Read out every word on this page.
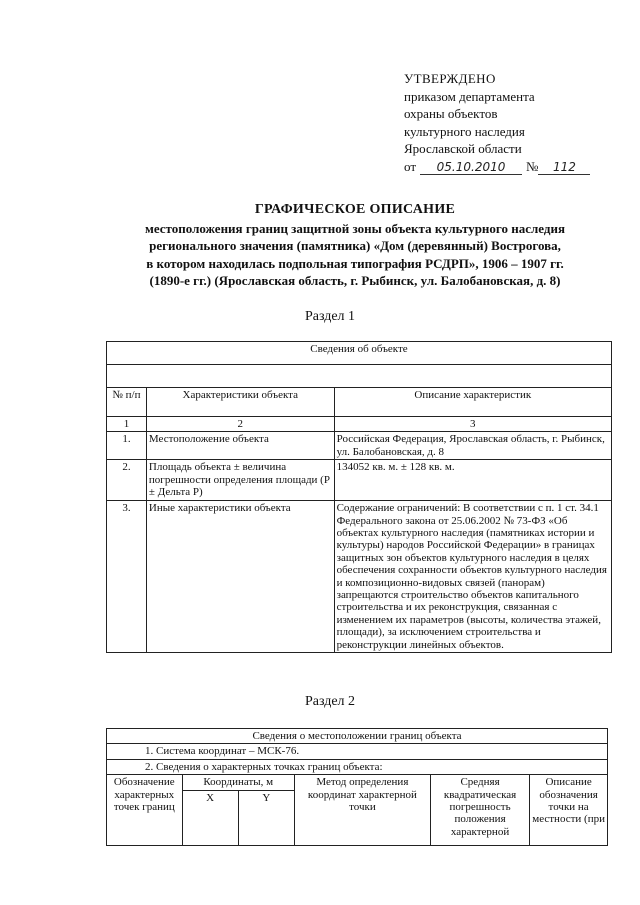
УТВЕРЖДЕНО
приказом департамента
охраны объектов
культурного наследия
Ярославской области
от 05.10.2010 № 112
ГРАФИЧЕСКОЕ ОПИСАНИЕ
местоположения границ защитной зоны объекта культурного наследия
регионального значения (памятника) «Дом (деревянный) Вострогова,
в котором находилась подпольная типография РСДРП», 1906 – 1907 гг.
(1890-е гг.) (Ярославская область, г. Рыбинск, ул. Балобановская, д. 8)
Раздел 1
Сведения об объекте		

№ п/п	Характеристики объекта	Описание характеристик
1	2	3
1.	Местоположение объекта	Российская Федерация, Ярославская область, г. Рыбинск, ул. Балобановская, д. 8
2.	Площадь объекта ± величина погрешности определения площади (P ± Дельта P)	134052 кв. м. ± 128 кв. м.
3.	Иные характеристики объекта	Содержание ограничений: В соответствии с п. 1 ст. 34.1 Федерального закона от 25.06.2002 № 73-ФЗ «Об объектах культурного наследия (памятниках истории и культуры) народов Российской Федерации» в границах защитных зон объектов культурного наследия в целях обеспечения сохранности объектов культурного наследия и композиционно-видовых связей (панорам) запрещаются строительство объектов капитального строительства и их реконструкция, связанная с изменением их параметров (высоты, количества этажей, площади), за исключением строительства и реконструкции линейных объектов.
Раздел 2
Сведения о местоположении границ объекта					
1. Система координат – МСК-76.					
2. Сведения о характерных точках границ объекта:					
Обозначение характерных точек границ	Координаты, м		Метод определения координат характерной точки	Средняя квадратическая погрешность положения характерной	Описание обозначения точки на местности (при
	X	Y			
